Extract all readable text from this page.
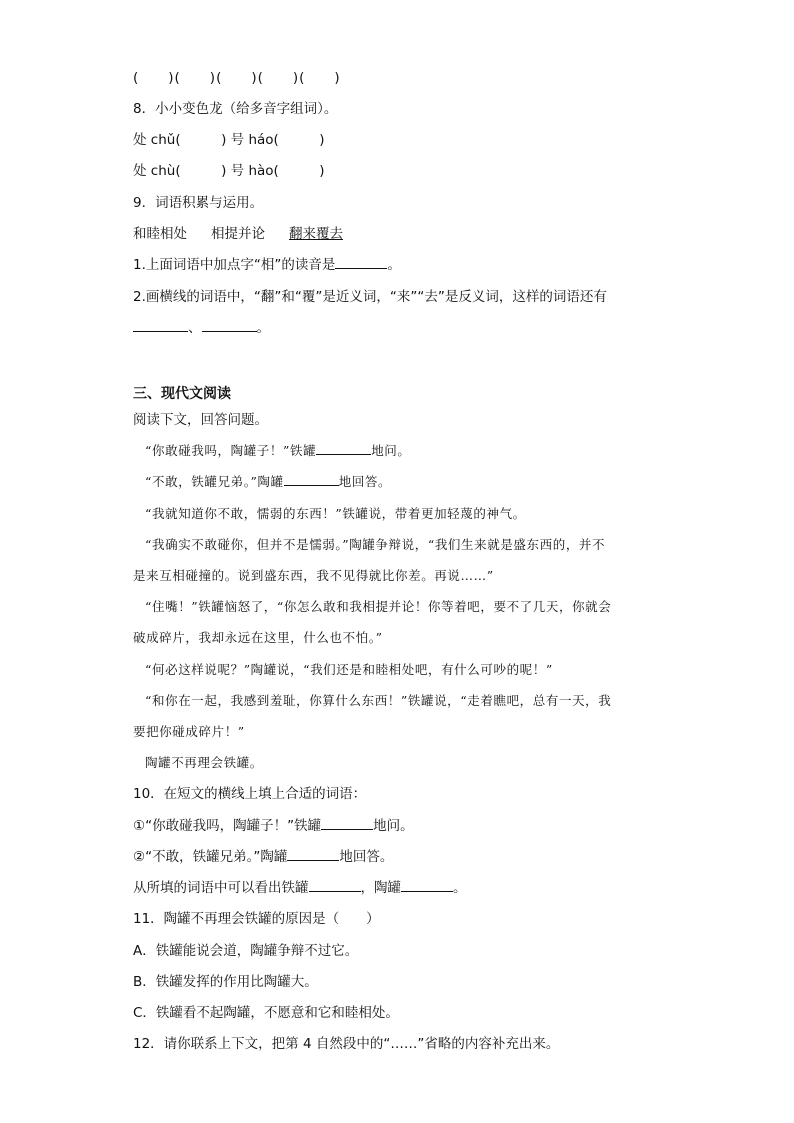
(　　)(　　)(　　)(　　)(　　)
8．小小变色龙（给多音字组词）。
处 chǔ(　　　) 号 háo(　　　)
处 chù(　　　) 号 hào(　　　)
9．词语积累与运用。
和睦相处 相提并论 翻来覆去
1.上面词语中加点字“相”的读音是	。
2.画横线的词语中，“翻”和“覆”是近义词，“来”“去”是反义词，这样的词语还有
、	。
三、现代文阅读
阅读下文，回答问题。
“你敢碰我吗，陶罐子！”铁罐	地问。
“不敢，铁罐兄弟。”陶罐	地回答。
“我就知道你不敢，懦弱的东西！”铁罐说，带着更加轻蔑的神气。
“我确实不敢碰你，但并不是懦弱。”陶罐争辩说，“我们生来就是盛东西的，并不
是来互相碰撞的。说到盛东西，我不见得就比你差。再说……”
“住嘴！”铁罐恼怒了，“你怎么敢和我相提并论！你等着吧，要不了几天，你就会
破成碎片，我却永远在这里，什么也不怕。”
“何必这样说呢？”陶罐说，“我们还是和睦相处吧，有什么可吵的呢！”
“和你在一起，我感到羞耻，你算什么东西！”铁罐说，“走着瞧吧，总有一天，我
要把你碰成碎片！”
陶罐不再理会铁罐。
10．在短文的横线上填上合适的词语：
①“你敢碰我吗，陶罐子！”铁罐	地问。
②“不敢，铁罐兄弟。”陶罐	地回答。
从所填的词语中可以看出铁罐	，陶罐	。
11．陶罐不再理会铁罐的原因是（　　）
A．铁罐能说会道，陶罐争辩不过它。
B．铁罐发挥的作用比陶罐大。
C．铁罐看不起陶罐，不愿意和它和睦相处。
12．请你联系上下文，把第 4 自然段中的“……”省略的内容补充出来。
